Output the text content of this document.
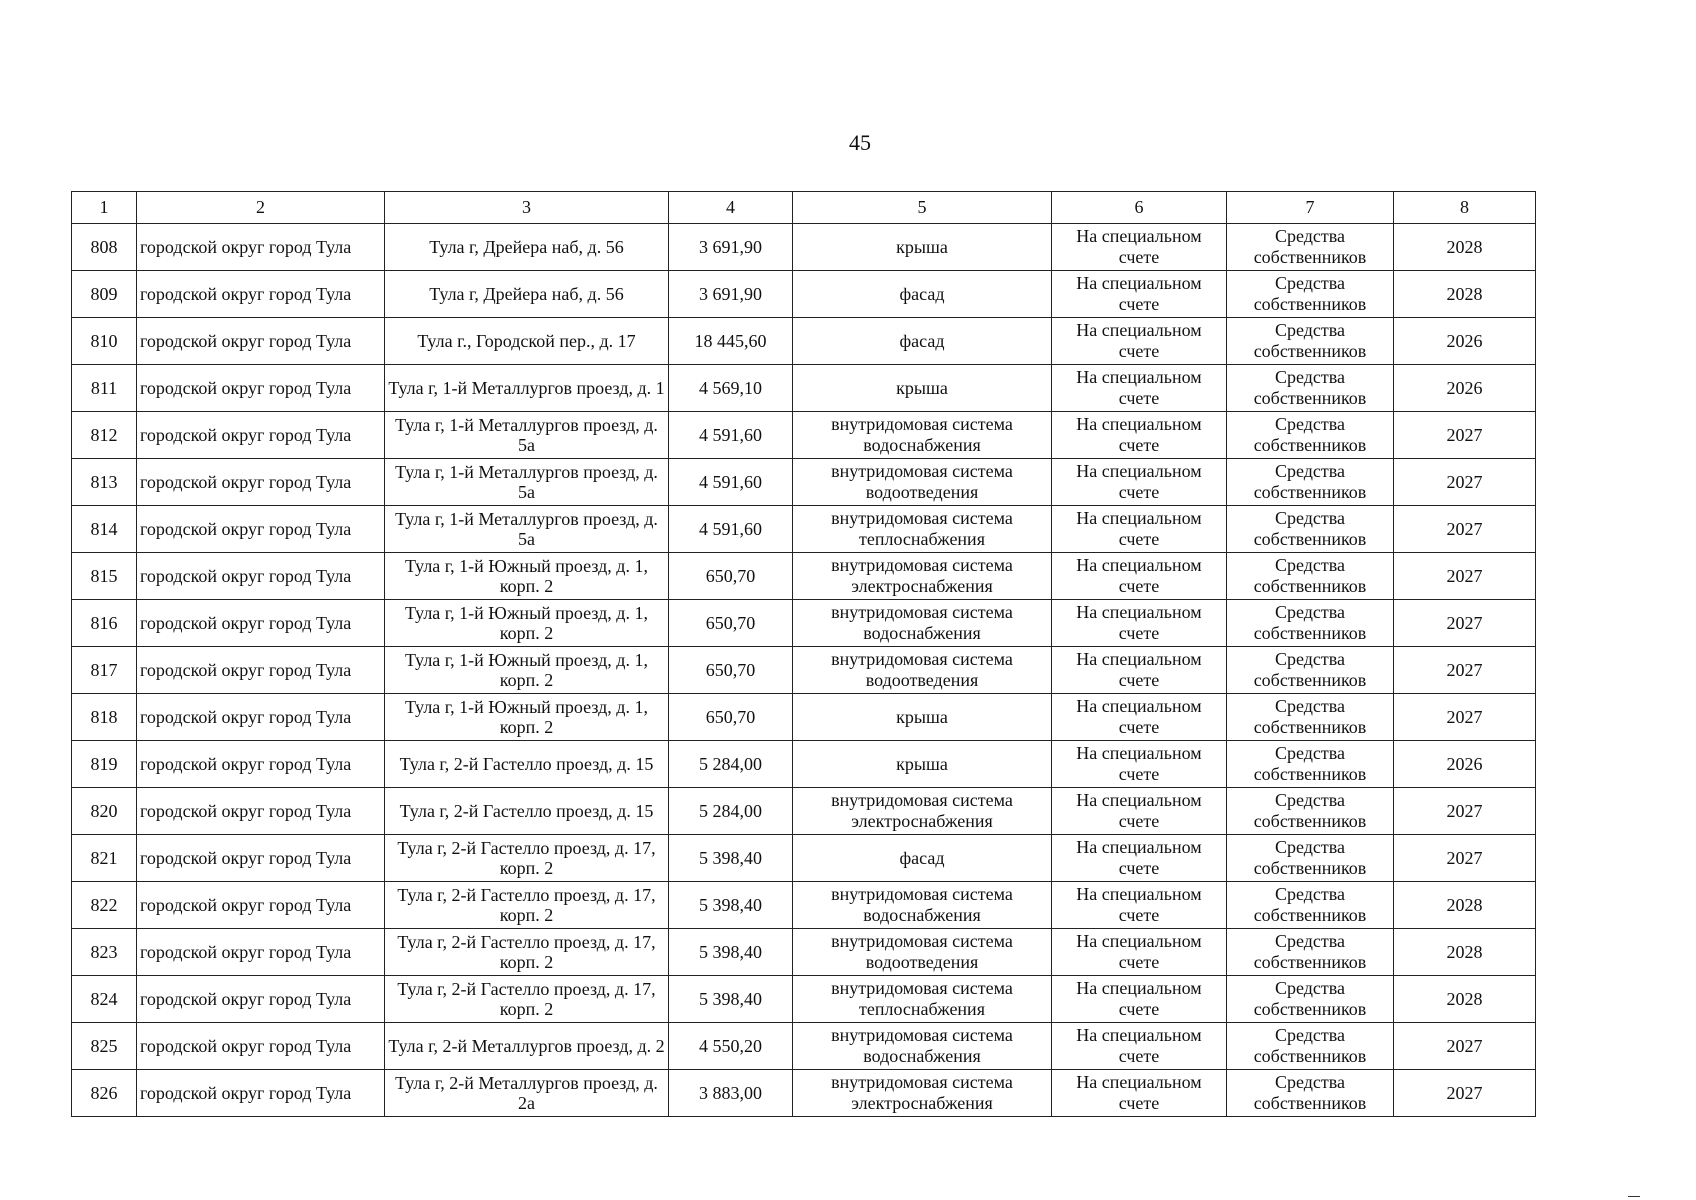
45
1	2	3	4	5	6	7	8
808	городской округ город Тула	Тула г, Дрейера наб, д. 56	3 691,90	крыша	На специальном счете	Средства собственников	2028
809	городской округ город Тула	Тула г, Дрейера наб, д. 56	3 691,90	фасад	На специальном счете	Средства собственников	2028
810	городской округ город Тула	Тула г., Городской пер., д. 17	18 445,60	фасад	На специальном счете	Средства собственников	2026
811	городской округ город Тула	Тула г, 1-й Металлургов проезд, д. 1	4 569,10	крыша	На специальном счете	Средства собственников	2026
812	городской округ город Тула	Тула г, 1-й Металлургов проезд, д. 5а	4 591,60	внутридомовая система водоснабжения	На специальном счете	Средства собственников	2027
813	городской округ город Тула	Тула г, 1-й Металлургов проезд, д. 5а	4 591,60	внутридомовая система водоотведения	На специальном счете	Средства собственников	2027
814	городской округ город Тула	Тула г, 1-й Металлургов проезд, д. 5а	4 591,60	внутридомовая система теплоснабжения	На специальном счете	Средства собственников	2027
815	городской округ город Тула	Тула г, 1-й Южный проезд, д. 1, корп. 2	650,70	внутридомовая система электроснабжения	На специальном счете	Средства собственников	2027
816	городской округ город Тула	Тула г, 1-й Южный проезд, д. 1, корп. 2	650,70	внутридомовая система водоснабжения	На специальном счете	Средства собственников	2027
817	городской округ город Тула	Тула г, 1-й Южный проезд, д. 1, корп. 2	650,70	внутридомовая система водоотведения	На специальном счете	Средства собственников	2027
818	городской округ город Тула	Тула г, 1-й Южный проезд, д. 1, корп. 2	650,70	крыша	На специальном счете	Средства собственников	2027
819	городской округ город Тула	Тула г, 2-й Гастелло проезд, д. 15	5 284,00	крыша	На специальном счете	Средства собственников	2026
820	городской округ город Тула	Тула г, 2-й Гастелло проезд, д. 15	5 284,00	внутридомовая система электроснабжения	На специальном счете	Средства собственников	2027
821	городской округ город Тула	Тула г, 2-й Гастелло проезд, д. 17, корп. 2	5 398,40	фасад	На специальном счете	Средства собственников	2027
822	городской округ город Тула	Тула г, 2-й Гастелло проезд, д. 17, корп. 2	5 398,40	внутридомовая система водоснабжения	На специальном счете	Средства собственников	2028
823	городской округ город Тула	Тула г, 2-й Гастелло проезд, д. 17, корп. 2	5 398,40	внутридомовая система водоотведения	На специальном счете	Средства собственников	2028
824	городской округ город Тула	Тула г, 2-й Гастелло проезд, д. 17, корп. 2	5 398,40	внутридомовая система теплоснабжения	На специальном счете	Средства собственников	2028
825	городской округ город Тула	Тула г, 2-й Металлургов проезд, д. 2	4 550,20	внутридомовая система водоснабжения	На специальном счете	Средства собственников	2027
826	городской округ город Тула	Тула г, 2-й Металлургов проезд, д. 2а	3 883,00	внутридомовая система электроснабжения	На специальном счете	Средства собственников	2027
